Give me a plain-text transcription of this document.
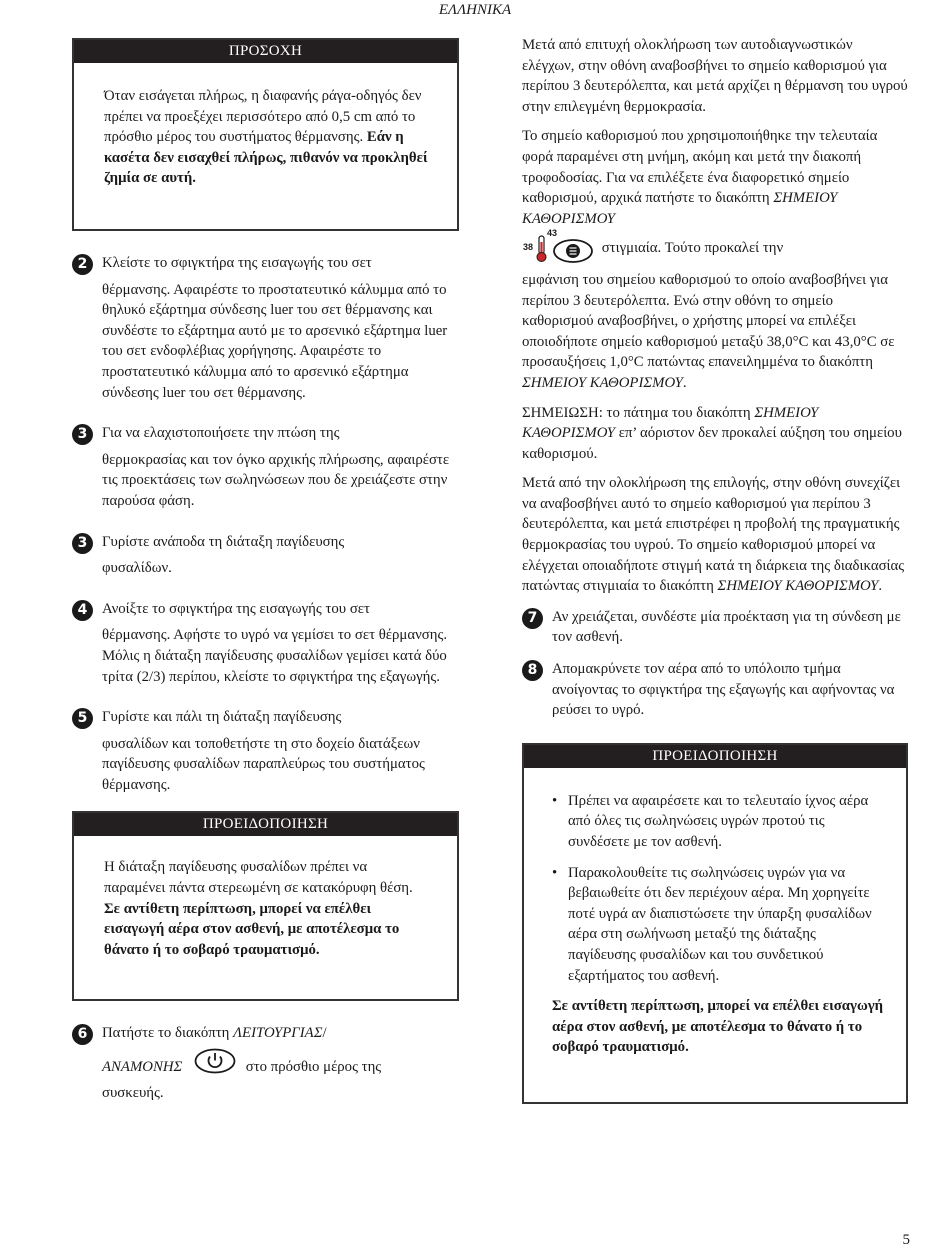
ΕΛΛΗΝΙΚΑ
ΠΡΟΣΟΧΗ
Όταν εισάγεται πλήρως, η διαφανής ράγα-οδηγός δεν πρέπει να προεξέχει περισσότερο από 0,5 cm από το πρόσθιο μέρος του συστήματος θέρμανσης. Εάν η κασέτα δεν εισαχθεί πλήρως, πιθανόν να προκληθεί ζημία σε αυτή.
2 Κλείστε το σφιγκτήρα της εισαγωγής του σετ

θέρμανσης. Αφαιρέστε το προστατευτικό κάλυμμα από το θηλυκό εξάρτημα σύνδεσης luer του σετ θέρμανσης και συνδέστε το εξάρτημα αυτό με το αρσενικό εξάρτημα luer του σετ ενδοφλέβιας χορήγησης. Αφαιρέστε το προστατευτικό κάλυμμα από το αρσενικό εξάρτημα σύνδεσης luer του σετ θέρμανσης.

3 Για να ελαχιστοποιήσετε την πτώση της

θερμοκρασίας και τον όγκο αρχικής πλήρωσης, αφαιρέστε τις προεκτάσεις των σωληνώσεων που δε χρειάζεστε στην παρούσα φάση.

3 Γυρίστε ανάποδα τη διάταξη παγίδευσης

φυσαλίδων.

4 Ανοίξτε το σφιγκτήρα της εισαγωγής του σετ

θέρμανσης. Αφήστε το υγρό να γεμίσει το σετ θέρμανσης. Μόλις η διάταξη παγίδευσης φυσαλίδων γεμίσει κατά δύο τρίτα (2/3) περίπου, κλείστε το σφιγκτήρα της εξαγωγής.

5 Γυρίστε και πάλι τη διάταξη παγίδευσης

φυσαλίδων και τοποθετήστε τη στο δοχείο διατάξεων παγίδευσης φυσαλίδων παραπλεύρως του συστήματος θέρμανσης.

ΠΡΟΕΙΔΟΠΟΙΗΣΗ
Η διάταξη παγίδευσης φυσαλίδων πρέπει να παραμένει πάντα στερεωμένη σε κατακόρυφη θέση. Σε αντίθετη περίπτωση, μπορεί να επέλθει εισαγωγή αέρα στον ασθενή, με αποτέλεσμα το θάνατο ή το σοβαρό τραυματισμό.
6 Πατήστε το διακόπτη ΛΕΙΤΟΥΡΓΙΑΣ/

ΑΝΑΜΟΝΗΣ	στο πρόσθιο μέρος της

συσκευής.

Μετά από επιτυχή ολοκλήρωση των αυτοδιαγνωστικών ελέγχων, στην οθόνη αναβοσβήνει το σημείο καθορισμού για περίπου 3 δευτερόλεπτα, και μετά αρχίζει η θέρμανση του υγρού στην επιλεγμένη θερμοκρασία.

Το σημείο καθορισμού που χρησιμοποιήθηκε την τελευταία φορά παραμένει στη μνήμη, ακόμη και μετά την διακοπή τροφοδοσίας. Για να επιλέξετε ένα διαφορετικό σημείο καθορισμού, αρχικά πατήστε το διακόπτη ΣΗΜΕΙΟΥ ΚΑΘΟΡΙΣΜΟΥ

38
43
στιγμιαία. Τούτο προκαλεί την

εμφάνιση του σημείου καθορισμού το οποίο αναβοσβήνει για περίπου 3 δευτερόλεπτα. Ενώ στην οθόνη το σημείο καθορισμού αναβοσβήνει, ο χρήστης μπορεί να επιλέξει οποιοδήποτε σημείο καθορισμού μεταξύ 38,0°C και 43,0°C σε προσαυξήσεις 1,0°C πατώντας επανειλημμένα το διακόπτη ΣΗΜΕΙΟΥ ΚΑΘΟΡΙΣΜΟΥ.

ΣΗΜΕΙΩΣΗ: το πάτημα του διακόπτη ΣΗΜΕΙΟΥ ΚΑΘΟΡΙΣΜΟΥ επ’ αόριστον δεν προκαλεί αύξηση του σημείου καθορισμού.

Μετά από την ολοκλήρωση της επιλογής, στην οθόνη συνεχίζει να αναβοσβήνει αυτό το σημείο καθορισμού για περίπου 3 δευτερόλεπτα, και μετά επιστρέφει η προβολή της πραγματικής θερμοκρασίας του υγρού. Το σημείο καθορισμού μπορεί να ελέγχεται οποιαδήποτε στιγμή κατά τη διάρκεια της διαδικασίας πατώντας στιγμιαία το διακόπτη ΣΗΜΕΙΟΥ ΚΑΘΟΡΙΣΜΟΥ.

7 Αν χρειάζεται, συνδέστε μία προέκταση για τη σύνδεση με τον ασθενή.

8 Απομακρύνετε τον αέρα από το υπόλοιπο τμήμα ανοίγοντας το σφιγκτήρα της εξαγωγής και αφήνοντας να ρεύσει το υγρό.

ΠΡΟΕΙΔΟΠΟΙΗΣΗ
• Πρέπει να αφαιρέσετε και το τελευταίο ίχνος αέρα από όλες τις σωληνώσεις υγρών προτού τις συνδέσετε με τον ασθενή.
• Παρακολουθείτε τις σωληνώσεις υγρών για να βεβαιωθείτε ότι δεν περιέχουν αέρα. Μη χορηγείτε ποτέ υγρά αν διαπιστώσετε την ύπαρξη φυσαλίδων αέρα στη σωλήνωση μεταξύ της διάταξης παγίδευσης φυσαλίδων και του συνδετικού εξαρτήματος του ασθενή.

Σε αντίθετη περίπτωση, μπορεί να επέλθει εισαγωγή αέρα στον ασθενή, με αποτέλεσμα το θάνατο ή το σοβαρό τραυματισμό.

5
